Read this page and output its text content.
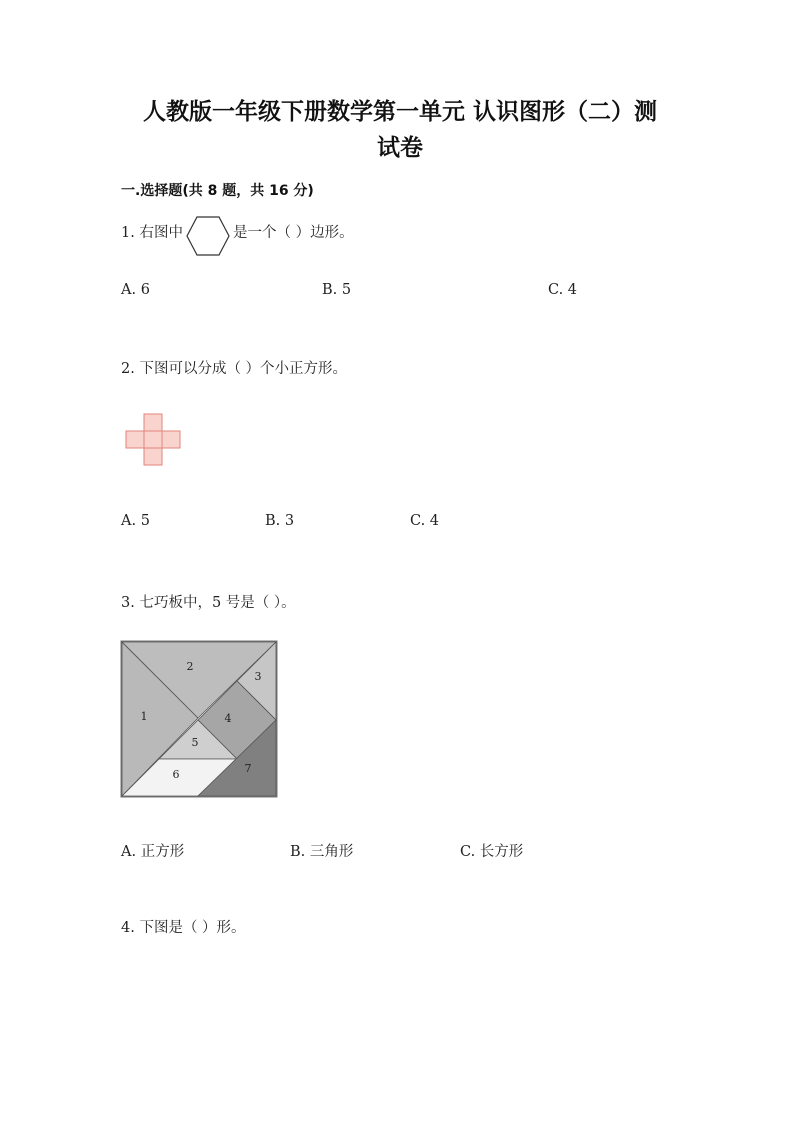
人教版一年级下册数学第一单元 认识图形（二）测
试卷
一.选择题(共 8 题，共 16 分)
1. 右图中	是一个（ ）边形。
A. 6	B. 5	C. 4
2. 下图可以分成（ ）个小正方形。
A. 5	B. 3	C. 4
3. 七巧板中，5 号是（ ）。
1
2
3
4
5
6	7
A. 正方形	B. 三角形	C. 长方形
4. 下图是（ ）形。
